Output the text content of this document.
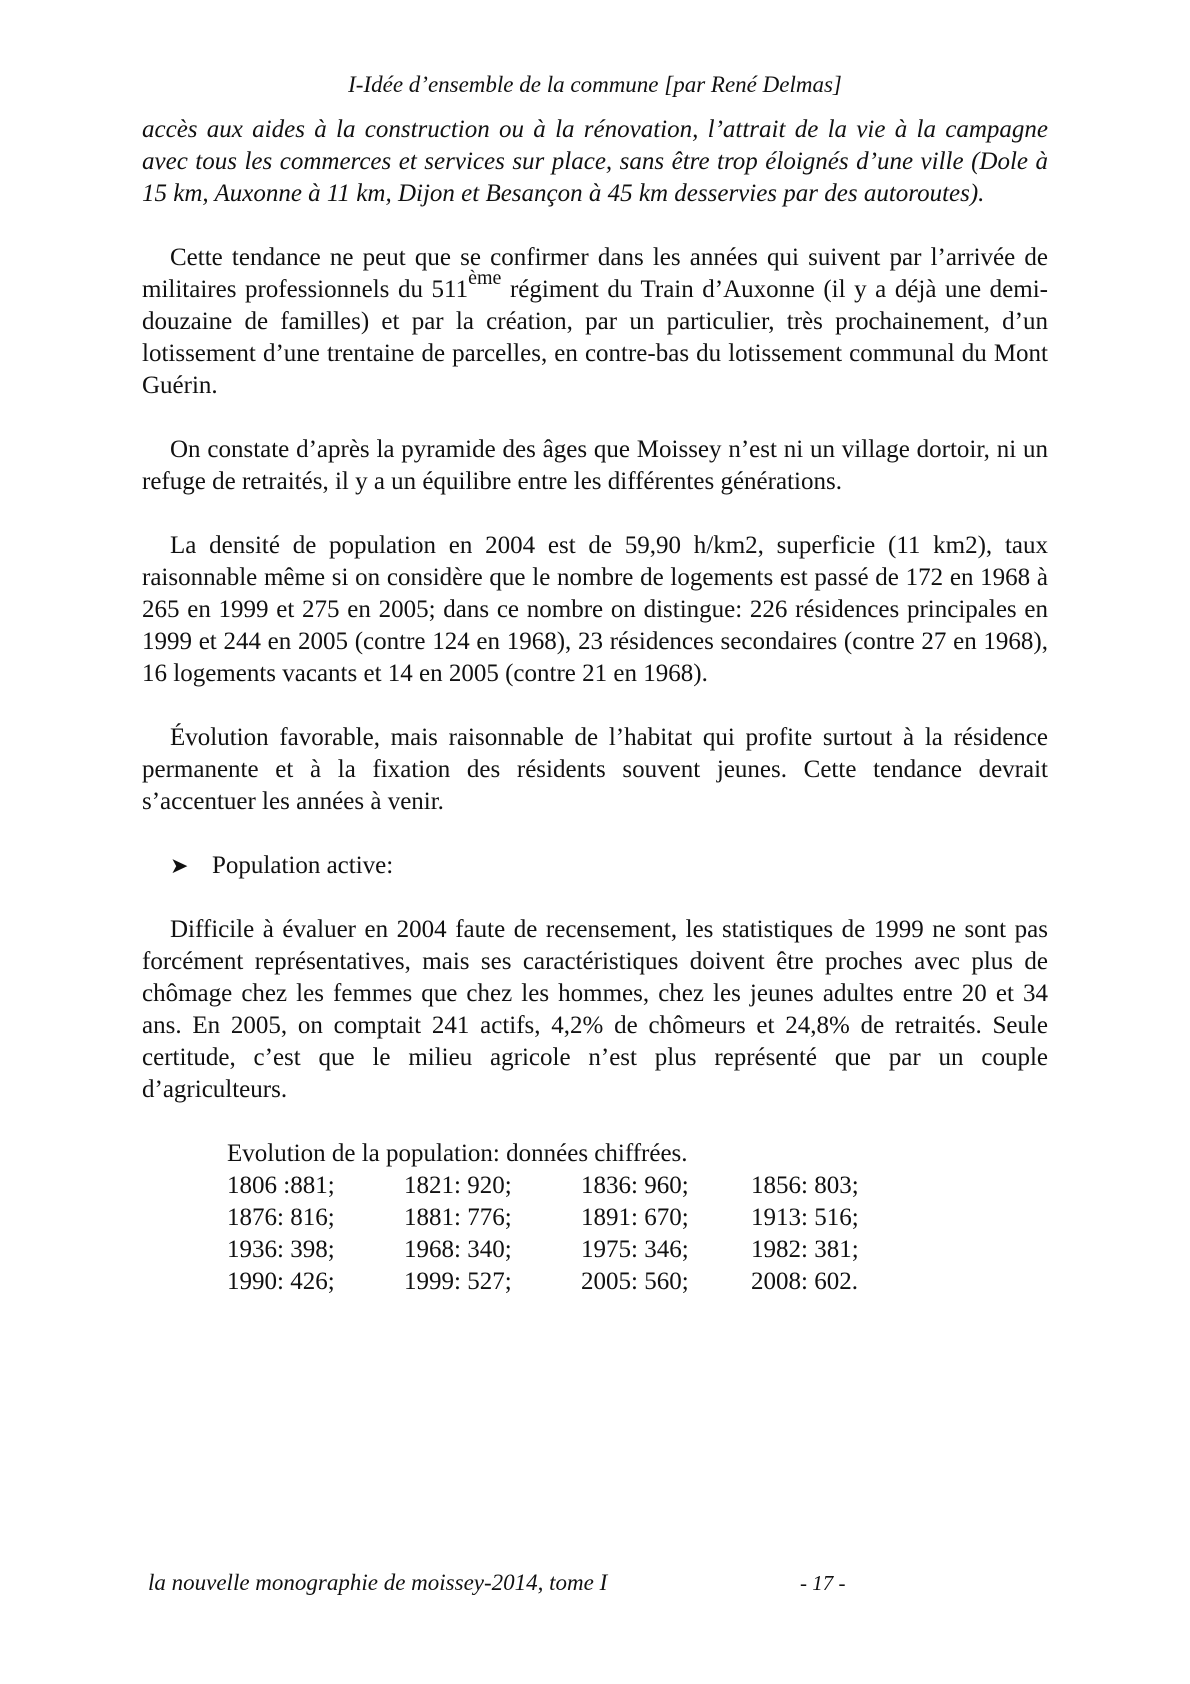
I-Idée d’ensemble de la commune [par René Delmas]

accès aux aides à la construction ou à la rénovation, l’attrait de la vie à la campagne avec tous les commerces et services sur place, sans être trop éloignés d’une ville (Dole à 15 km, Auxonne à 11 km, Dijon et Besançon à 45 km desservies par des autoroutes).

Cette tendance ne peut que se confirmer dans les années qui suivent par l’arrivée de militaires professionnels du 511ème régiment du Train d’Auxonne (il y a déjà une demi-douzaine de familles) et par la création, par un particulier, très prochainement, d’un lotissement d’une trentaine de parcelles, en contre-bas du lotissement communal du Mont Guérin.

On constate d’après la pyramide des âges que Moissey n’est ni un village dortoir, ni un refuge de retraités, il y a un équilibre entre les différentes générations.

La densité de population en 2004 est de 59,90 h/km2, superficie (11 km2), taux raisonnable même si on considère que le nombre de logements est passé de 172 en 1968 à 265 en 1999 et 275 en 2005; dans ce nombre on distingue: 226 résidences principales en 1999 et 244 en 2005 (contre 124 en 1968), 23 résidences secondaires (contre 27 en 1968), 16 logements vacants et 14 en 2005 (contre 21 en 1968).

Évolution favorable, mais raisonnable de l’habitat qui profite surtout à la résidence permanente et à la fixation des résidents souvent jeunes. Cette tendance devrait s’accentuer les années à venir.

➤ Population active:

Difficile à évaluer en 2004 faute de recensement, les statistiques de 1999 ne sont pas forcément représentatives, mais ses caractéristiques doivent être proches avec plus de chômage chez les femmes que chez les hommes, chez les jeunes adultes entre 20 et 34 ans. En 2005, on comptait 241 actifs, 4,2% de chômeurs et 24,8% de retraités. Seule certitude, c’est que le milieu agricole n’est plus représenté que par un couple d’agriculteurs.

Evolution de la population: données chiffrées.

1806 :881;	1821: 920;	1836: 960;	1856: 803;
1876: 816;	1881: 776;	1891: 670;	1913: 516;
1936: 398;	1968: 340;	1975: 346;	1982: 381;
1990: 426;	1999: 527;	2005: 560;	2008: 602.
la nouvelle monographie de moissey-2014, tome I	- 17 -
